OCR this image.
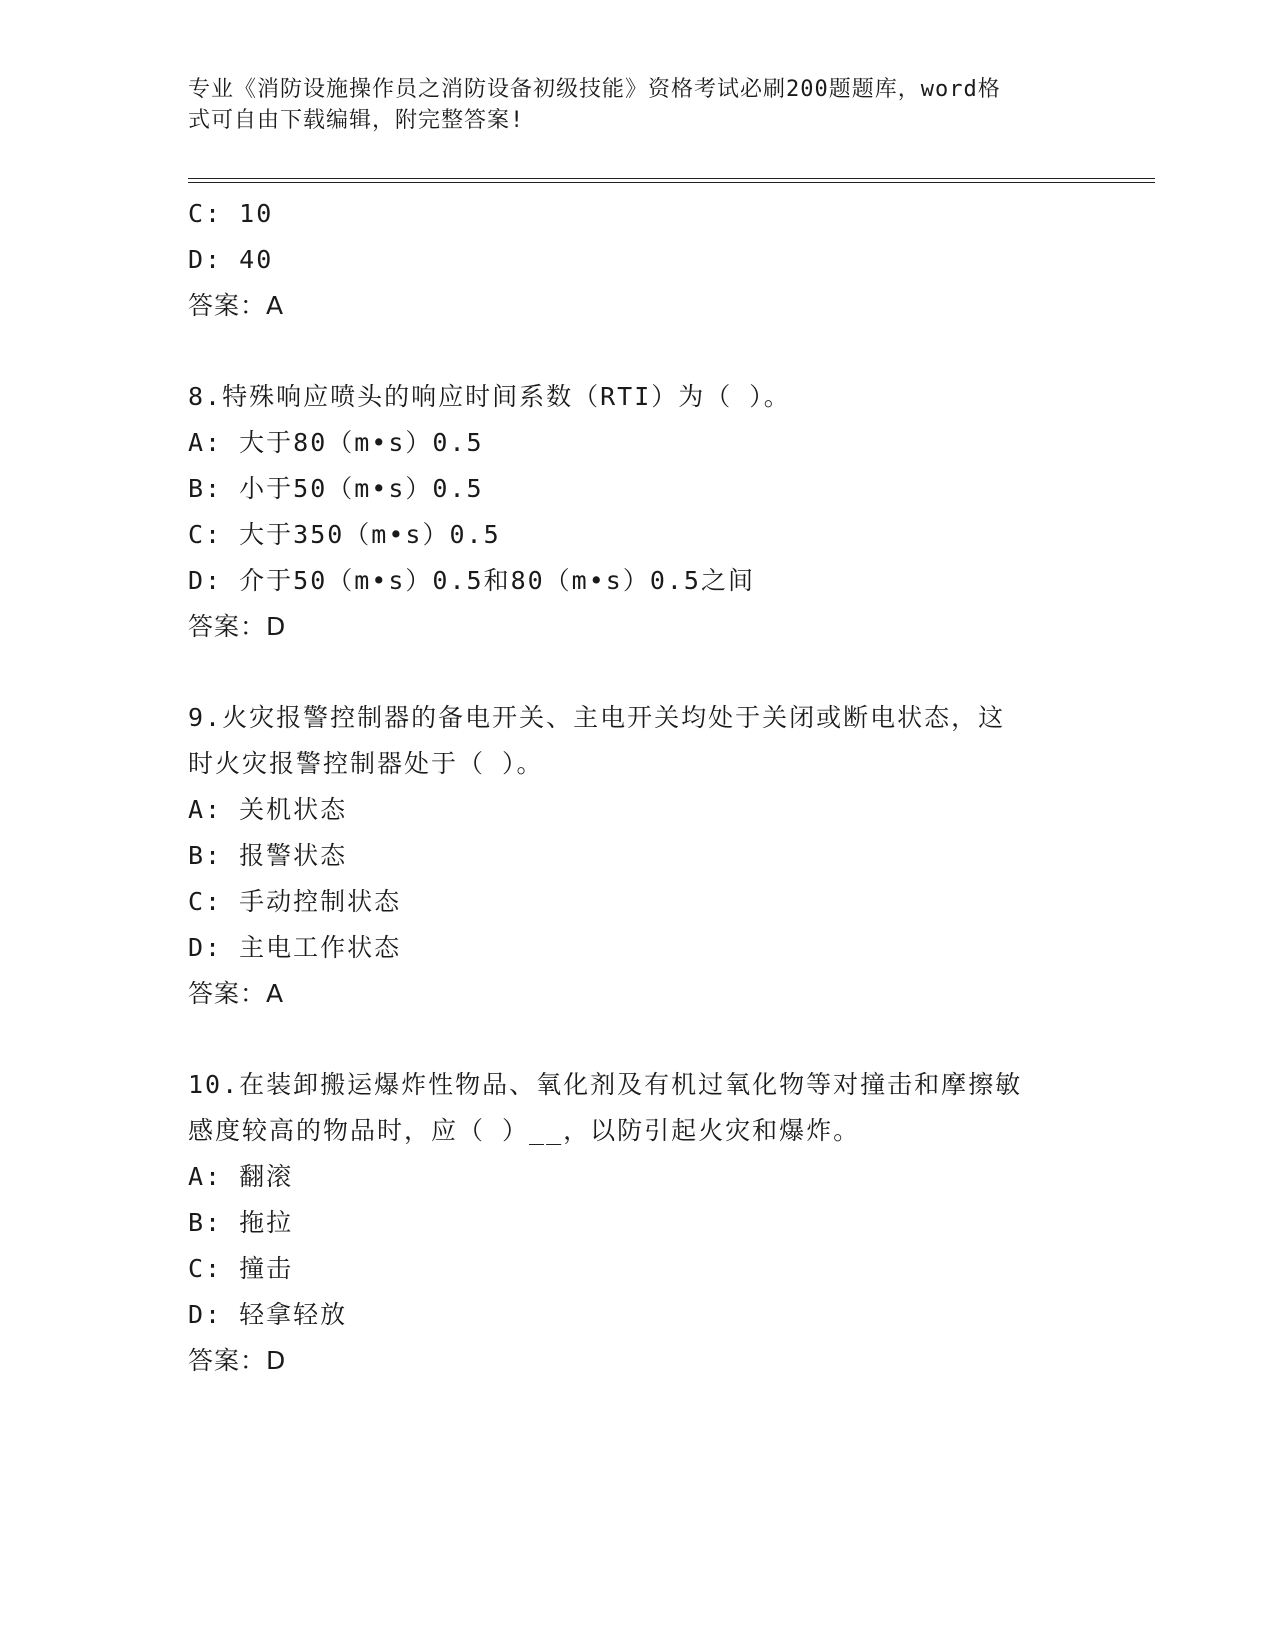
专业《消防设施操作员之消防设备初级技能》资格考试必刷200题题库，word格
式可自由下载编辑，附完整答案!
C: 10
D: 40
答案：A
8.特殊响应喷头的响应时间系数（RTI）为（ ）。
A: 大于80（m•s）0.5
B: 小于50（m•s）0.5
C: 大于350（m•s）0.5
D: 介于50（m•s）0.5和80（m•s）0.5之间
答案：D
9.火灾报警控制器的备电开关、主电开关均处于关闭或断电状态，这
时火灾报警控制器处于（ ）。
A: 关机状态
B: 报警状态
C: 手动控制状态
D: 主电工作状态
答案：A
10.在装卸搬运爆炸性物品、氧化剂及有机过氧化物等对撞击和摩擦敏
感度较高的物品时，应（ ）__，以防引起火灾和爆炸。
A: 翻滚
B: 拖拉
C: 撞击
D: 轻拿轻放
答案：D
